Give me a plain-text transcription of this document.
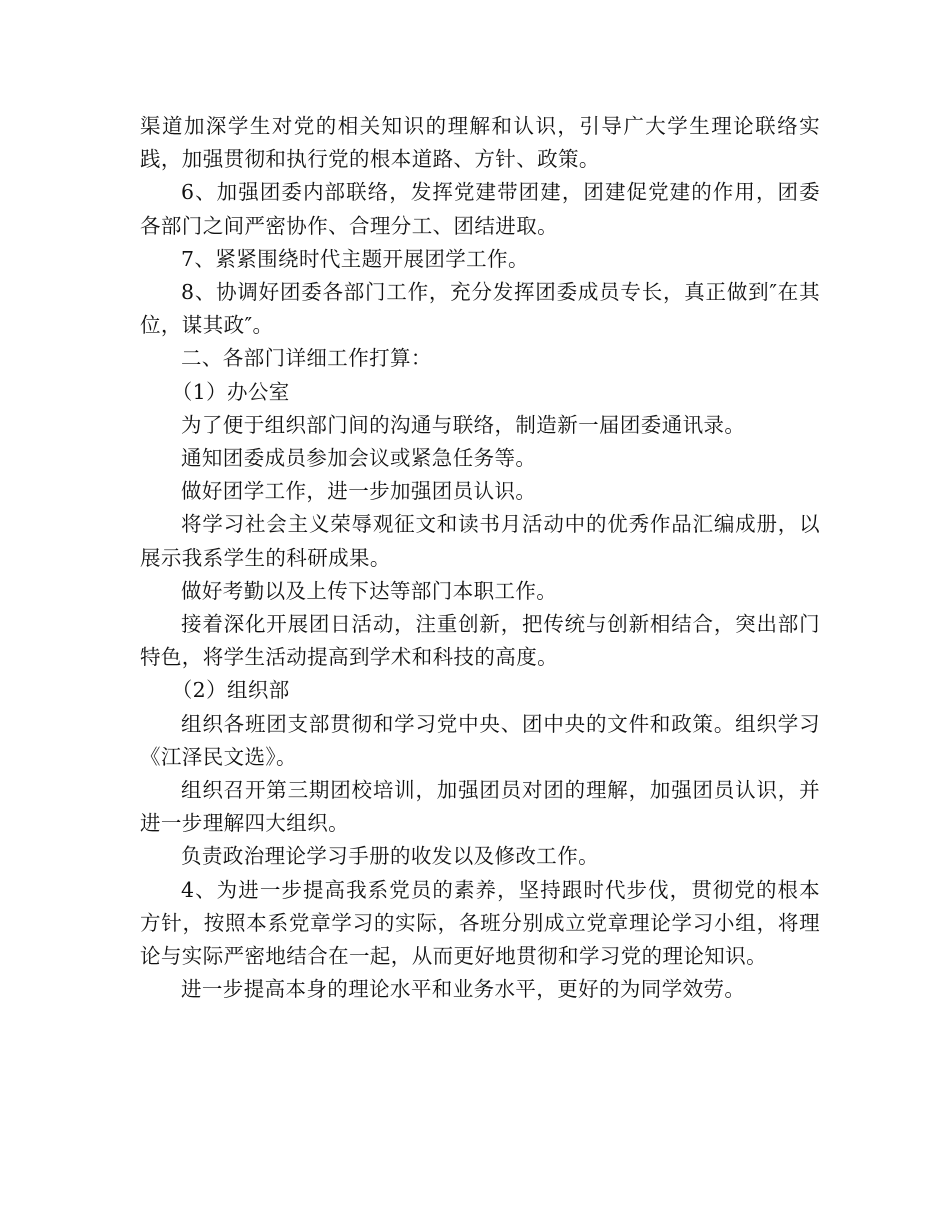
渠道加深学生对党的相关知识的理解和认识，引导广大学生理论联络实践，加强贯彻和执行党的根本道路、方针、政策。

6、加强团委内部联络，发挥党建带团建，团建促党建的作用，团委各部门之间严密协作、合理分工、团结进取。

7、紧紧围绕时代主题开展团学工作。

8、协调好团委各部门工作，充分发挥团委成员专长，真正做到″在其位，谋其政″。

二、各部门详细工作打算：

（1）办公室

为了便于组织部门间的沟通与联络，制造新一届团委通讯录。

通知团委成员参加会议或紧急任务等。

做好团学工作，进一步加强团员认识。

将学习社会主义荣辱观征文和读书月活动中的优秀作品汇编成册，以展示我系学生的科研成果。

做好考勤以及上传下达等部门本职工作。

接着深化开展团日活动，注重创新，把传统与创新相结合，突出部门特色，将学生活动提高到学术和科技的高度。

（2）组织部

组织各班团支部贯彻和学习党中央、团中央的文件和政策。组织学习《江泽民文选》。

组织召开第三期团校培训，加强团员对团的理解，加强团员认识，并进一步理解四大组织。

负责政治理论学习手册的收发以及修改工作。

4、为进一步提高我系党员的素养，坚持跟时代步伐，贯彻党的根本方针，按照本系党章学习的实际，各班分别成立党章理论学习小组，将理论与实际严密地结合在一起，从而更好地贯彻和学习党的理论知识。

进一步提高本身的理论水平和业务水平，更好的为同学效劳。
